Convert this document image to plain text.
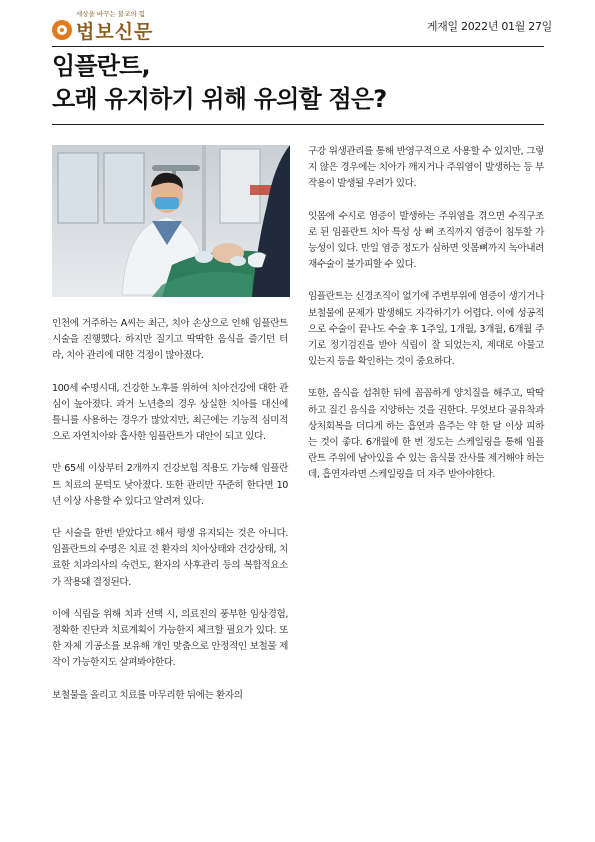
세상을 바꾸는 불교의 힘
법보신문	게재일 2022년 01월 27일
임플란트,
오래 유지하기 위해 유의할 점은?

인천에 거주하는 A씨는 최근, 치아 손상으로 인해 임플란트 시술을 진행했다. 하지만 질기고 딱딱한 음식을 즐기던 터라, 치아 관리에 대한 걱정이 많아졌다.

100세 수명시대, 건강한 노후를 위하여 치아건강에 대한 관심이 높아졌다. 과거 노년층의 경우 상실한 치아를 대신에 틀니를 사용하는 경우가 많았지만, 최근에는 기능적 심미적으로 자연치아와 흡사한 임플란트가 대안이 되고 있다.

만 65세 이상부터 2개까지 건강보험 적용도 가능해 임플란트 치료의 문턱도 낮아졌다. 또한 관리만 꾸준히 한다면 10년 이상 사용할 수 있다고 알려져 있다.

단 시술을 한번 받았다고 해서 평생 유지되는 것은 아니다. 임플란트의 수명은 치료 전 환자의 치아상태와 건강상태, 치료한 치과의사의 숙련도, 환자의 사후관리 등의 복합적요소가 작용돼 결정된다.

이에 식립을 위해 치과 선택 시, 의료진의 풍부한 임상경험, 정확한 진단과 치료계획이 가능한지 체크할 필요가 있다. 또한 자체 기공소를 보유해 개인 맞춤으로 안정적인 보철물 제작이 가능한지도 살펴봐야한다.

보철물을 올리고 치료를 마무리한 뒤에는 환자의

구강 위생관리를 통해 반영구적으로 사용할 수 있지만, 그렇지 않은 경우에는 치아가 깨지거나 주위염이 발생하는 등 부작용이 발생될 우려가 있다.

잇몸에 수시로 염증이 발생하는 주위염을 겪으면 수직구조로 된 임플란트 치아 특성 상 뼈 조직까지 염증이 침투할 가능성이 있다. 만일 염증 정도가 심하면 잇몸뼈까지 녹아내려 재수술이 불가피할 수 있다.

임플란트는 신경조직이 없기에 주변부위에 염증이 생기거나 보철물에 문제가 발생해도 자각하기가 어렵다. 이에 성공적으로 수술이 끝나도 수술 후 1주일, 1개월, 3개월, 6개월 주기로 정기검진을 받아 식립이 잘 되었는지, 제대로 아물고 있는지 등을 확인하는 것이 중요하다.

또한, 음식을 섭취한 뒤에 꼼꼼하게 양치질을 해주고, 딱딱하고 질긴 음식을 지양하는 것을 권한다. 무엇보다 골유착과 상처회복을 더디게 하는 흡연과 음주는 약 한 달 이상 피하는 것이 좋다. 6개월에 한 번 정도는 스케일링을 통해 임플란트 주위에 남아있을 수 있는 음식물 잔사를 제거해야 하는데, 흡연자라면 스케일링을 더 자주 받아야한다.
